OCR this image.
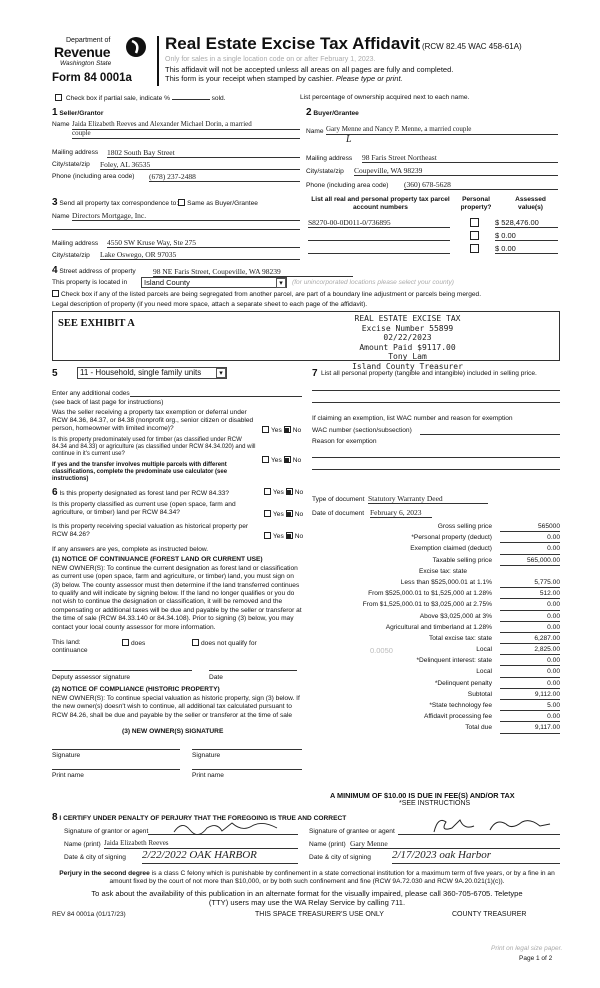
Department of
Revenue
Washington State
Form 84 0001a
Real Estate Excise Tax Affidavit (RCW 82.45 WAC 458-61A)
Only for sales in a single location code on or after February 1, 2023.
This affidavit will not be accepted unless all areas on all pages are fully and completed.
This form is your receipt when stamped by cashier. Please type or print.
Check box if partial sale, indicate %	sold.	List percentage of ownership acquired next to each name.
1 Seller/Grantor
Name Jaida Elizabeth Reeves and Alexander Michael Dorin, a married
couple
Mailing address 1802 South Bay Street
City/state/zip Foley, AL 36535
Phone (including area code) (678) 237-2488
2 Buyer/Grantee
Name Gary Menne and Nancy P. Menne, a married couple
L
Mailing address 98 Faris Street Northeast
City/state/zip Coupeville, WA 98239
Phone (including area code) (360) 678-5628
3 Send all property tax correspondence to: Same as Buyer/Grantee
Name Directors Mortgage, Inc.
Mailing address 4550 SW Kruse Way, Ste 275
City/state/zip Lake Oswego, OR 97035
List all real and personal property tax parcel account numbers
Personal property?
Assessed value(s)
S8270-00-0D011-0/736895	$ 528,476.00
$ 0.00
$ 0.00
4 Street address of property 98 NE Faris Street, Coupeville, WA 98239
This property is located in	Island County	▾	(for unincorporated locations please select your county)
Check box if any of the listed parcels are being segregated from another parcel, are part of a boundary line adjustment or parcels being merged.
Legal description of property (if you need more space, attach a separate sheet to each page of the affidavit).
SEE EXHIBIT A	REAL ESTATE EXCISE TAX
Excise Number 55899
02/22/2023
Amount Paid $9117.00
Tony Lam
Island County Treasurer
5	11 - Household, single family units	▾
Enter any additional codes
(see back of last page for instructions)
Was the seller receiving a property tax exemption or deferral under RCW 84.36, 84.37, or 84.38 (nonprofit org., senior citizen or disabled person, homeowner with limited income)?	Yes No
Is this property predominately used for timber (as classified under RCW 84.34 and 84.33) or agriculture (as classified under RCW 84.34.020) and will continue in it's current use?
If yes and the transfer involves multiple parcels with different classifications, complete the predominate use calculator (see instructions)
Yes No
6 Is this property designated as forest land per RCW 84.33?	Yes No
Is this property classified as current use (open space, farm and agriculture, or timber) land per RCW 84.34?	Yes No
Is this property receiving special valuation as historical property per RCW 84.26?	Yes No
If any answers are yes, complete as instructed below.
(1) NOTICE OF CONTINUANCE (FOREST LAND OR CURRENT USE)
NEW OWNER(S): To continue the current designation as forest land or classification as current use (open space, farm and agriculture, or timber) land, you must sign on (3) below. The county assessor must then determine if the land transferred continues to qualify and will indicate by signing below. If the land no longer qualifies or you do not wish to continue the designation or classification, it will be removed and the compensating or additional taxes will be due and payable by the seller or transferor at the time of sale (RCW 84.33.140 or 84.34.108). Prior to signing (3) below, you may contact your local county assessor for more information.
This land:
continuance
does	does not qualify for
Deputy assessor signature	Date
(2) NOTICE OF COMPLIANCE (HISTORIC PROPERTY)
NEW OWNER(S): To continue special valuation as historic property, sign (3) below. If the new owner(s) doesn't wish to continue, all additional tax calculated pursuant to RCW 84.26, shall be due and payable by the seller or transferor at the time of sale
(3) NEW OWNER(S) SIGNATURE
Signature	Signature
Print name	Print name
7 List all personal property (tangible and intangible) included in selling price.
If claiming an exemption, list WAC number and reason for exemption
WAC number (section/subsection)
Reason for exemption
Type of document Statutory Warranty Deed
Date of document February 6, 2023
Gross selling price	565000
*Personal property (deduct)	0.00
Exemption claimed (deduct)	0.00
Taxable selling price	565,000.00
Excise tax: state
Less than $525,000.01 at 1.1%	5,775.00
From $525,000.01 to $1,525,000 at 1.28%	512.00
From $1,525,000.01 to $3,025,000 at 2.75%	0.00
Above $3,025,000 at 3%	0.00
Agricultural and timberland at 1.28%	0.00
Total excise tax: state	6,287.00
0.0050	Local	2,825.00
*Delinquent interest: state	0.00
Local	0.00
*Delinquent penalty	0.00
Subtotal	9,112.00
*State technology fee	5.00
Affidavit processing fee	0.00
Total due	9,117.00
A MINIMUM OF $10.00 IS DUE IN FEE(S) AND/OR TAX
*SEE INSTRUCTIONS
8 I CERTIFY UNDER PENALTY OF PERJURY THAT THE FOREGOING IS TRUE AND CORRECT
Signature of grantor or agent
Name (print) Jaida Elizabeth Reeves
Date & city of signing 2/22/2022 OAK HARBOR
Signature of grantee or agent
Name (print) Gary Menne
Date & city of signing 2/17/2023 oak Harbor
Perjury in the second degree is a class C felony which is punishable by confinement in a state correctional institution for a maximum term of five years, or by a fine in an amount fixed by the court of not more than $10,000, or by both such confinement and fine (RCW 9A.72.030 and RCW 9A.20.021(1)(c)).
To ask about the availability of this publication in an alternate format for the visually impaired, please call 360-705-6705. Teletype
(TTY) users may use the WA Relay Service by calling 711.
REV 84 0001a (01/17/23)	THIS SPACE TREASURER'S USE ONLY	COUNTY TREASURER
Print on legal size paper.
Page 1 of 2
